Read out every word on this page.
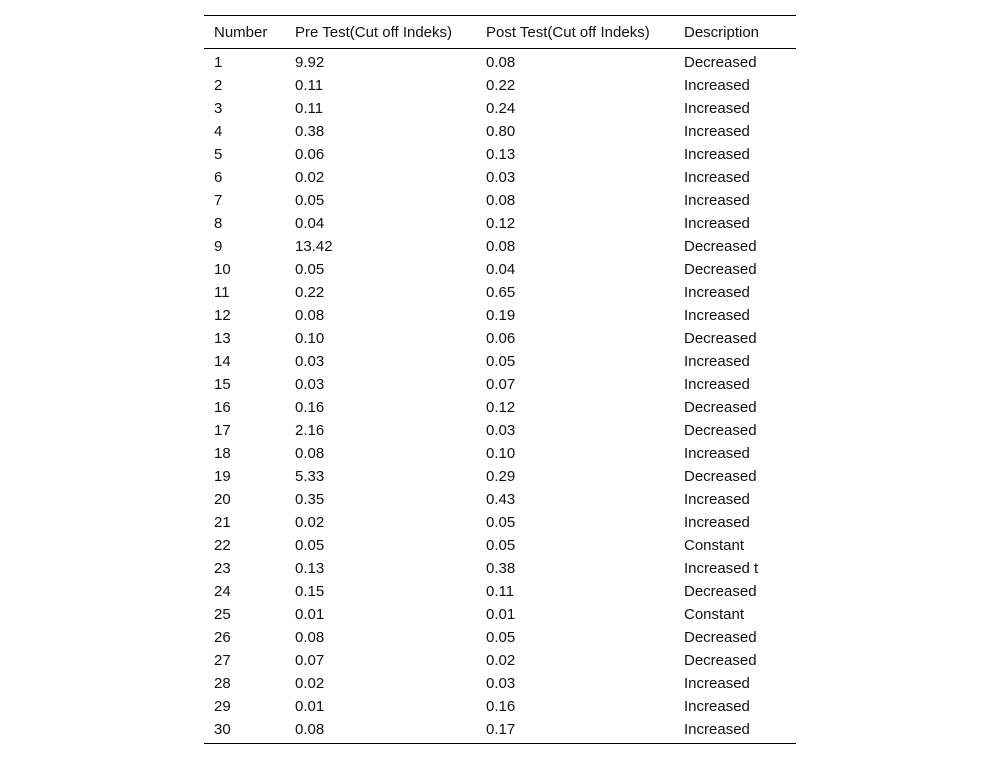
Number	Pre Test(Cut off Indeks)	Post Test(Cut off Indeks)	Description
1	9.92	0.08	Decreased
2	0.11	0.22	Increased
3	0.11	0.24	Increased
4	0.38	0.80	Increased
5	0.06	0.13	Increased
6	0.02	0.03	Increased
7	0.05	0.08	Increased
8	0.04	0.12	Increased
9	13.42	0.08	Decreased
10	0.05	0.04	Decreased
11	0.22	0.65	Increased
12	0.08	0.19	Increased
13	0.10	0.06	Decreased
14	0.03	0.05	Increased
15	0.03	0.07	Increased
16	0.16	0.12	Decreased
17	2.16	0.03	Decreased
18	0.08	0.10	Increased
19	5.33	0.29	Decreased
20	0.35	0.43	Increased
21	0.02	0.05	Increased
22	0.05	0.05	Constant
23	0.13	0.38	Increased t
24	0.15	0.11	Decreased
25	0.01	0.01	Constant
26	0.08	0.05	Decreased
27	0.07	0.02	Decreased
28	0.02	0.03	Increased
29	0.01	0.16	Increased
30	0.08	0.17	Increased
